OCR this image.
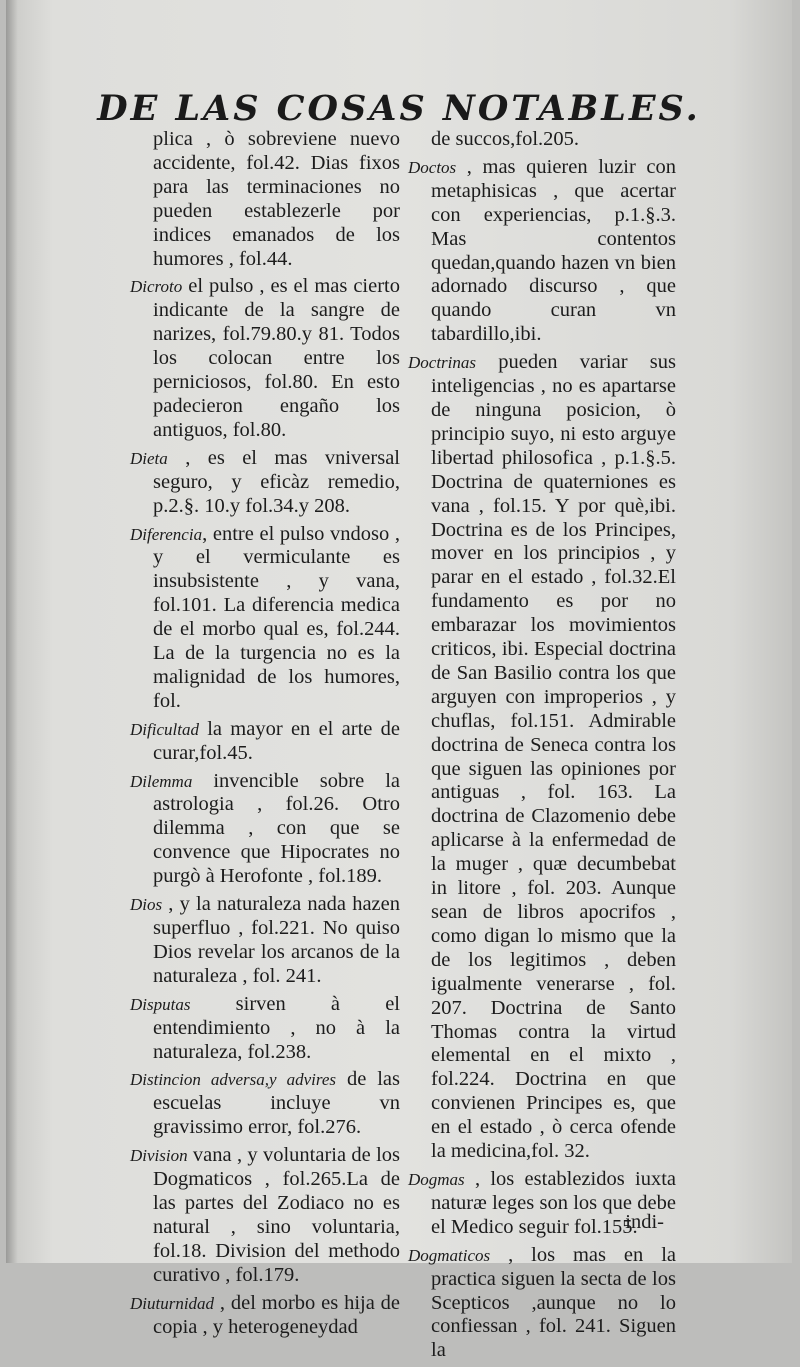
DE LAS COSAS NOTABLES.

plica , ò sobreviene nuevo accidente, fol.42. Dias fixos para las terminaciones no pueden establezerle por indices emanados de los humores , fol.44.

Dicroto el pulso , es el mas cierto indicante de la sangre de narizes, fol.79.80.y 81. Todos los colocan entre los perniciosos, fol.80. En esto padecieron engaño los antiguos, fol.80.

Dieta , es el mas vniversal seguro, y eficàz remedio, p.2.§. 10.y fol.34.y 208.

Diferencia, entre el pulso vndoso , y el vermiculante es insubsistente , y vana, fol.101. La diferencia medica de el morbo qual es, fol.244. La de la turgencia no es la malignidad de los humores, fol.

Dificultad la mayor en el arte de curar,fol.45.

Dilemma invencible sobre la astrologia , fol.26. Otro dilemma , con que se convence que Hipocrates no purgò à Herofonte , fol.189.

Dios , y la naturaleza nada hazen superfluo , fol.221. No quiso Dios revelar los arcanos de la naturaleza , fol. 241.

Disputas sirven à el entendimiento , no à la naturaleza, fol.238.

Distincion adversa,y advires de las escuelas incluye vn gravissimo error, fol.276.

Division vana , y voluntaria de los Dogmaticos , fol.265.La de las partes del Zodiaco no es natural , sino voluntaria, fol.18. Division del methodo curativo , fol.179.

Diuturnidad , del morbo es hija de copia , y heterogeneydad

de succos,fol.205.

Doctos , mas quieren luzir con metaphisicas , que acertar con experiencias, p.1.§.3. Mas contentos quedan,quando hazen vn bien adornado discurso , que quando curan vn tabardillo,ibi.

Doctrinas pueden variar sus inteligencias , no es apartarse de ninguna posicion, ò principio suyo, ni esto arguye libertad philosofica , p.1.§.5. Doctrina de quaterniones es vana , fol.15. Y por què,ibi. Doctrina es de los Principes, mover en los principios , y parar en el estado , fol.32.El fundamento es por no embarazar los movimientos criticos, ibi. Especial doctrina de San Basilio contra los que arguyen con improperios , y chuflas, fol.151. Admirable doctrina de Seneca contra los que siguen las opiniones por antiguas , fol. 163. La doctrina de Clazomenio debe aplicarse à la enfermedad de la muger , quæ decumbebat in litore , fol. 203. Aunque sean de libros apocrifos , como digan lo mismo que la de los legitimos , deben igualmente venerarse , fol. 207. Doctrina de Santo Thomas contra la virtud elemental en el mixto , fol.224. Doctrina en que convienen Principes es, que en el estado , ò cerca ofende la medicina,fol. 32.

Dogmas , los establezidos iuxta naturæ leges son los que debe el Medico seguir fol.155.

Dogmaticos , los mas en la practica siguen la secta de los Scepticos ,aunque no lo confiessan , fol. 241. Siguen la

indi-
